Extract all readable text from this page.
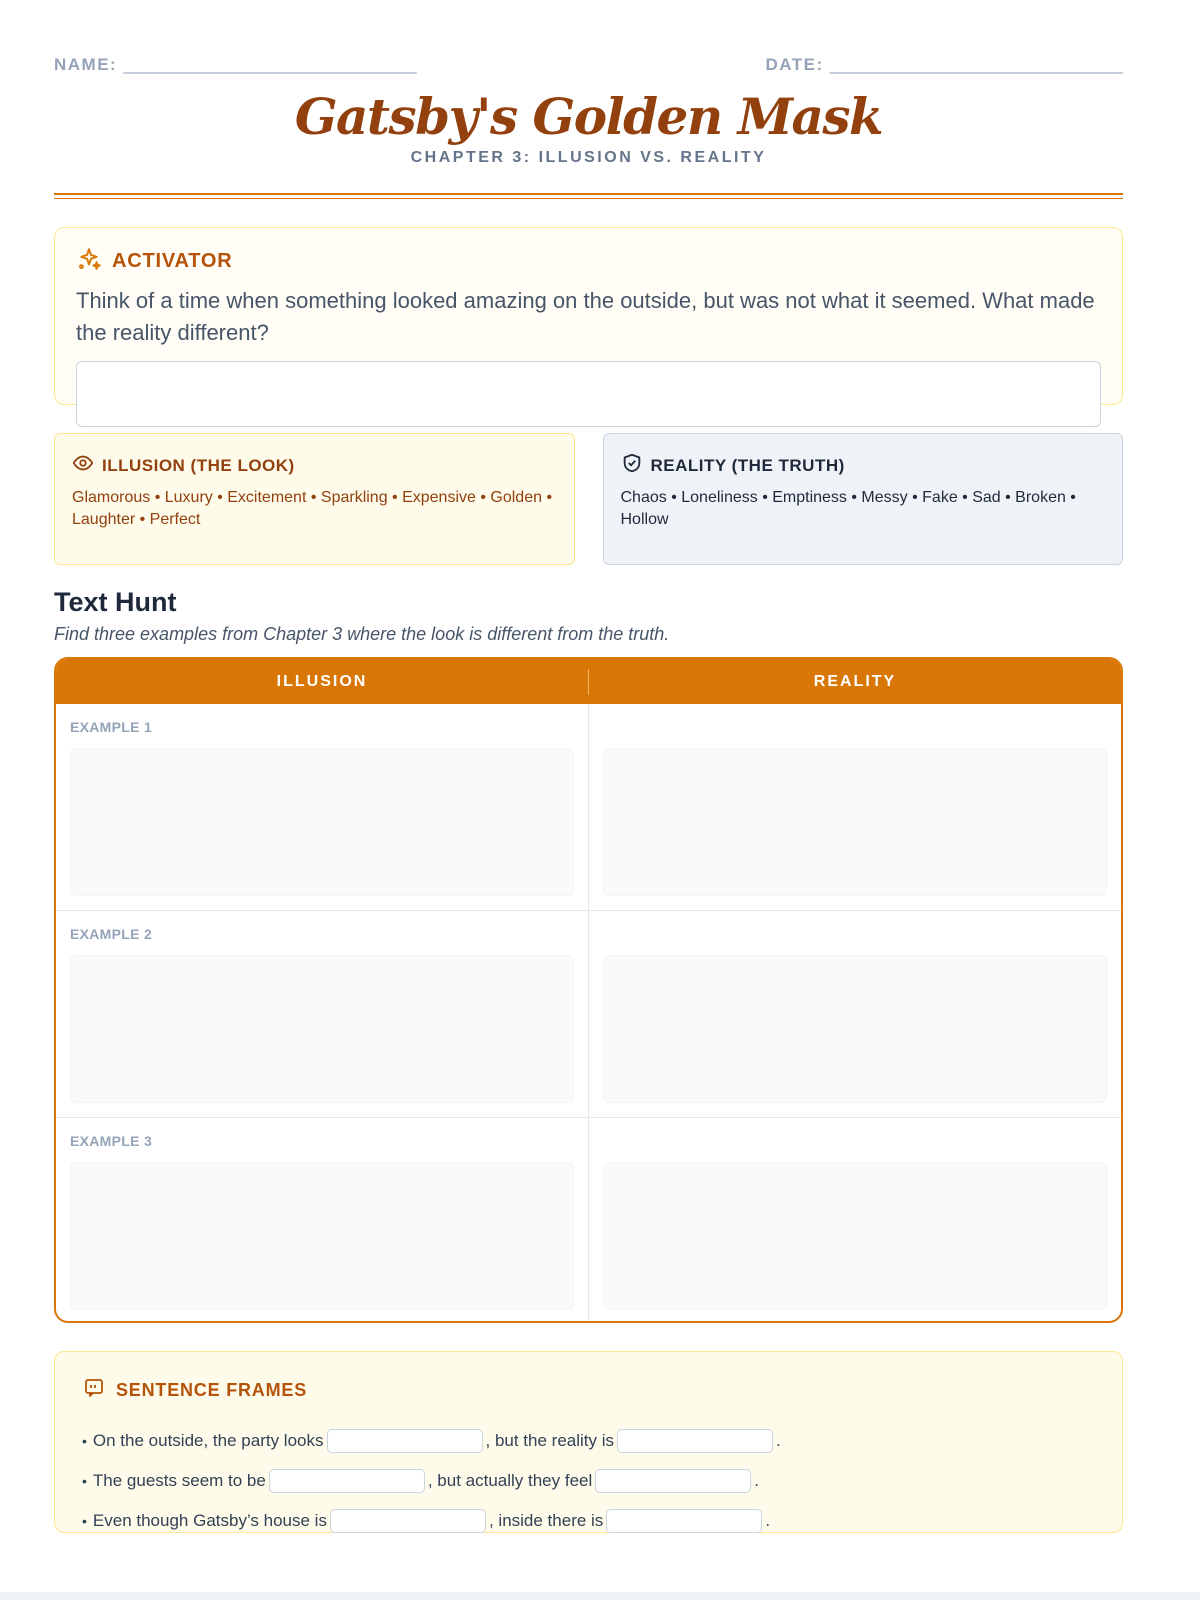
NAME: _______________________________	DATE: _______________________________
Gatsby's Golden Mask
CHAPTER 3: ILLUSION VS. REALITY
ACTIVATOR
Think of a time when something looked amazing on the outside, but was not what it seemed. What made the reality different?
ILLUSION (THE LOOK)
Glamorous • Luxury • Excitement • Sparkling • Expensive • Golden • Laughter • Perfect
REALITY (THE TRUTH)
Chaos • Loneliness • Emptiness • Messy • Fake • Sad • Broken • Hollow
Text Hunt
Find three examples from Chapter 3 where the look is different from the truth.
ILLUSION	REALITY
EXAMPLE 1
EXAMPLE 2
EXAMPLE 3
SENTENCE FRAMES
• On the outside, the party looks	, but the reality is	.
• The guests seem to be	, but actually they feel	.
• Even though Gatsby’s house is	, inside there is	.
